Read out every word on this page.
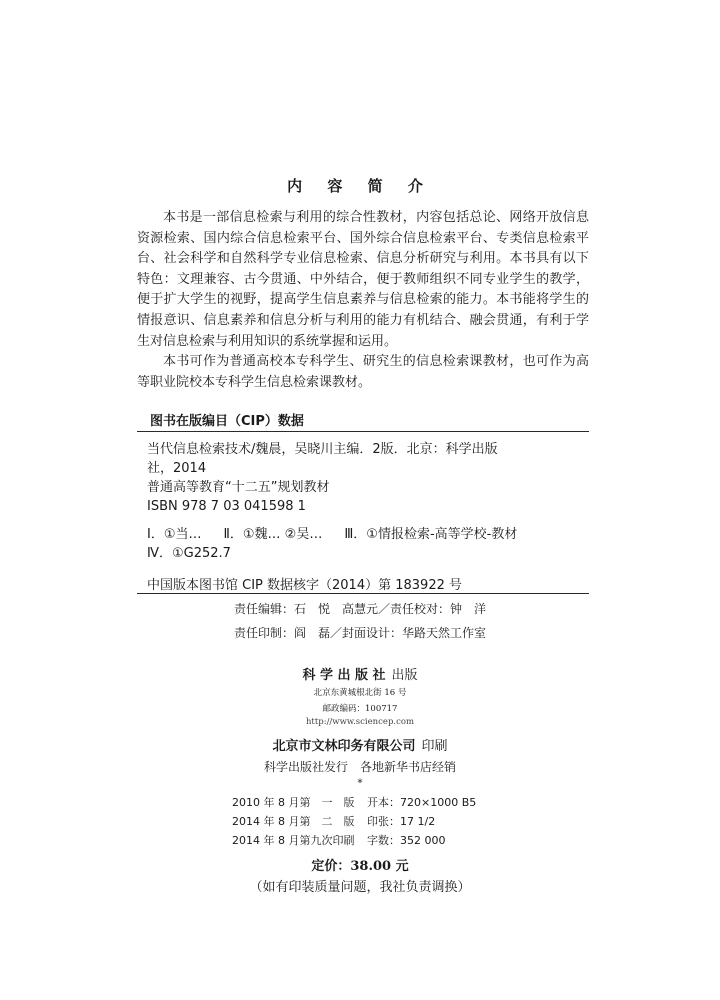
内 容 简 介

本书是一部信息检索与利用的综合性教材，内容包括总论、网络开放信息资源检索、国内综合信息检索平台、国外综合信息检索平台、专类信息检索平台、社会科学和自然科学专业信息检索、信息分析研究与利用。本书具有以下特色：文理兼容、古今贯通、中外结合，便于教师组织不同专业学生的教学，便于扩大学生的视野，提高学生信息素养与信息检索的能力。本书能将学生的情报意识、信息素养和信息分析与利用的能力有机结合、融会贯通，有利于学生对信息检索与利用知识的系统掌握和运用。

本书可作为普通高校本专科学生、研究生的信息检索课教材，也可作为高等职业院校本专科学生信息检索课教材。

图书在版编目（CIP）数据
当代信息检索技术/魏晨，吴晓川主编．2版．北京：科学出版
社，2014
普通高等教育“十二五”规划教材
ISBN 978 7 03 041598 1
Ⅰ．①当… Ⅱ．①魏… ②吴… Ⅲ．①情报检索-高等学校-教材
Ⅳ．①G252.7
中国版本图书馆 CIP 数据核字（2014）第 183922 号
责任编辑：石　悦　高慧元／责任校对：钟　洋
责任印制：阎　磊／封面设计：华路天然工作室
科 学 出 版 社 出版
北京东黄城根北街 16 号
邮政编码：100717
http://www.sciencep.com
北京市文林印务有限公司 印刷
科学出版社发行 各地新华书店经销
*
2010 年 8 月第　一　版	开本：720×1000 B5
2014 年 8 月第　二　版	印张：17 1/2
2014 年 8 月第九次印刷	字数：352 000
定价：38.00 元
（如有印装质量问题，我社负责调换）
